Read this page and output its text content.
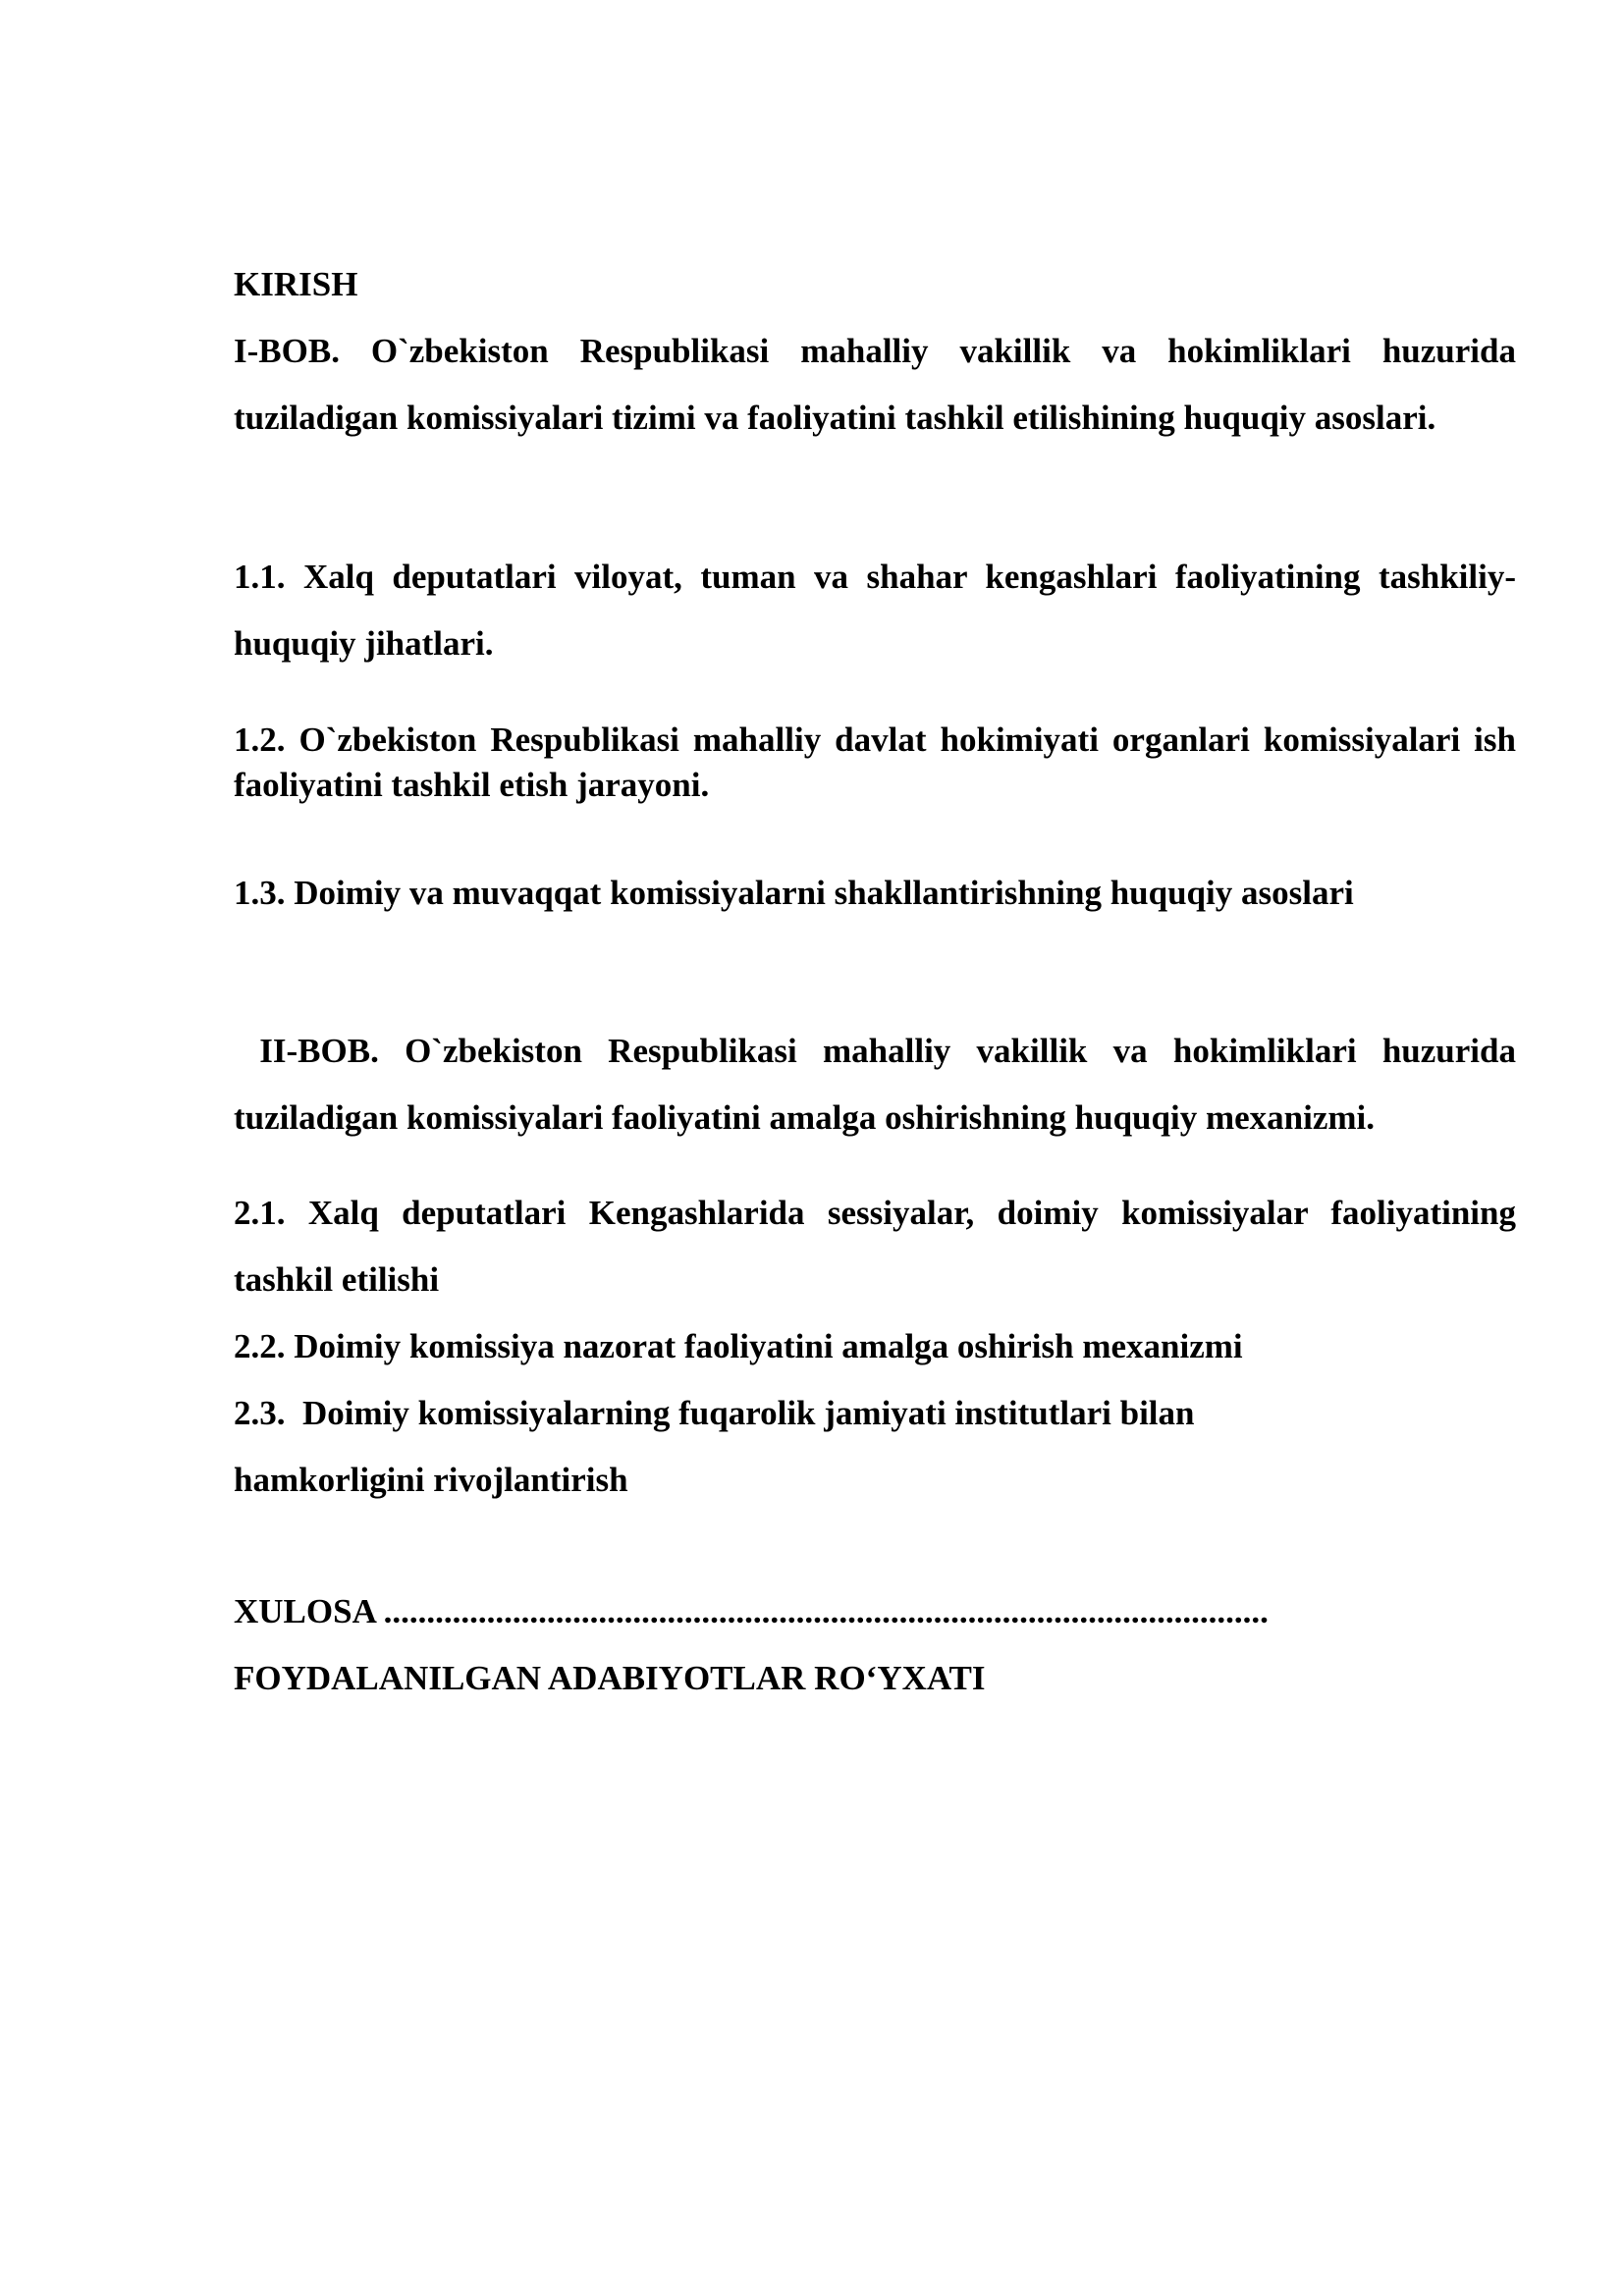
KIRISH
I-BOB. O`zbekiston Respublikasi mahalliy vakillik va hokimliklari huzurida tuziladigan komissiyalari tizimi va faoliyatini tashkil etilishining huquqiy asoslari.
1.1. Xalq deputatlari viloyat, tuman va shahar kengashlari faoliyatining tashkiliy-huquqiy jihatlari.
1.2. O`zbekiston Respublikasi mahalliy davlat hokimiyati organlari komissiyalari ish faoliyatini tashkil etish jarayoni.
1.3. Doimiy va muvaqqat komissiyalarni shakllantirishning huquqiy asoslari
II-BOB. O`zbekiston Respublikasi mahalliy vakillik va hokimliklari huzurida tuziladigan komissiyalari faoliyatini amalga oshirishning huquqiy mexanizmi.
2.1. Xalq deputatlari Kengashlarida sessiyalar, doimiy komissiyalar faoliyatining tashkil etilishi
2.2. Doimiy komissiya nazorat faoliyatini amalga oshirish mexanizmi
2.3.  Doimiy komissiyalarning fuqarolik jamiyati institutlari bilan
hamkorligini rivojlantirish
XULOSA .......................................................................................................
FOYDALANILGAN ADABIYOTLAR RO‘YXATI
